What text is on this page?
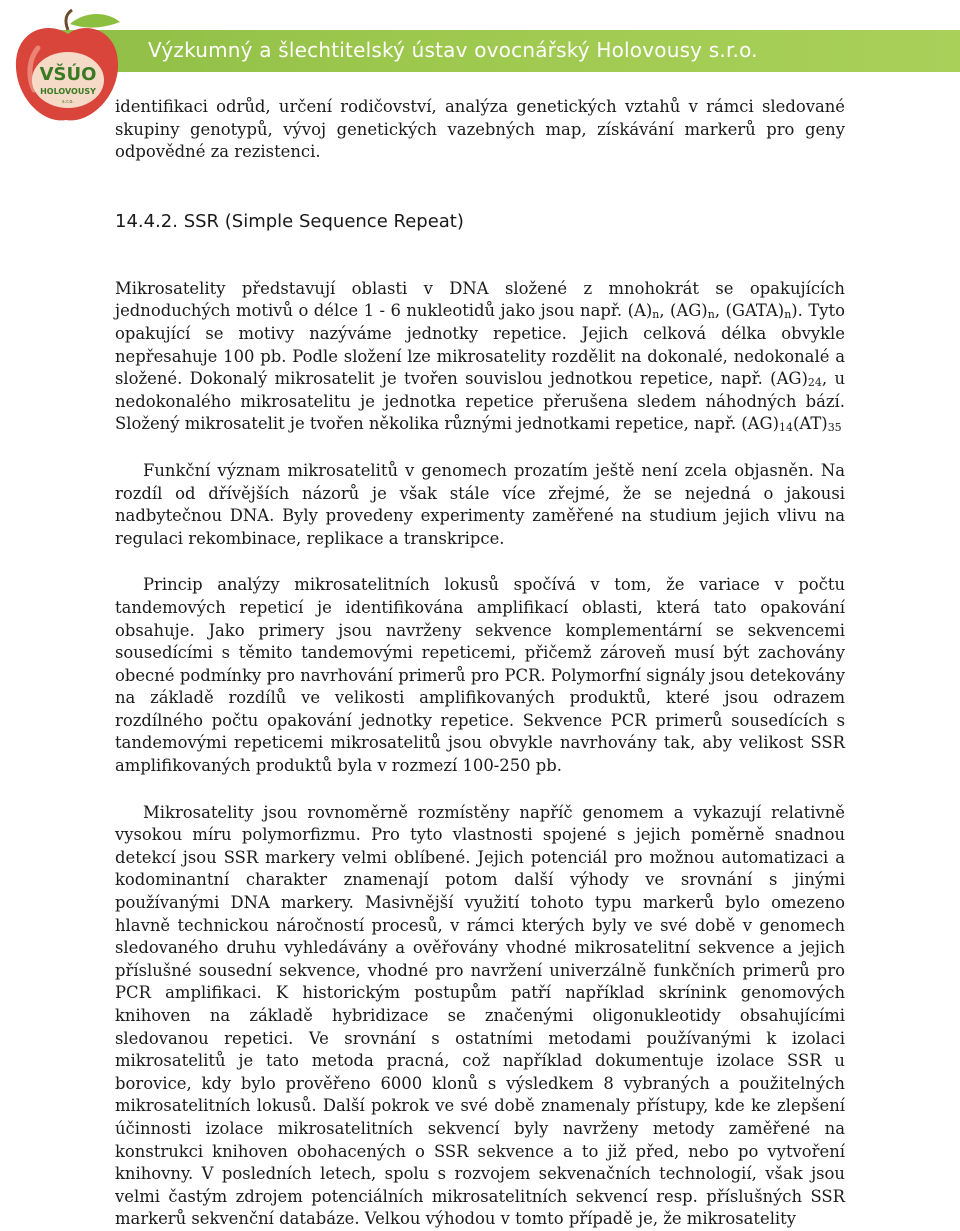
Výzkumný a šlechtitelský ústav ovocnářský Holovousy s.r.o.
VŠÚO
HOLOVOUSY
s.r.o.	identifikaci odrůd, určení rodičovství, analýza genetických vztahů v rámci sledované skupiny genotypů, vývoj genetických vazebných map, získávání markerů pro geny odpovědné za rezistenci.

14.4.2. SSR (Simple Sequence Repeat)

Mikrosatelity představují oblasti v DNA složené z mnohokrát se opakujících jednoduchých motivů o délce 1 - 6 nukleotidů jako jsou např. (A)n, (AG)n, (GATA)n). Tyto opakující se motivy nazýváme jednotky repetice. Jejich celková délka obvykle nepřesahuje 100 pb. Podle složení lze mikrosatelity rozdělit na dokonalé, nedokonalé a složené. Dokonalý mikrosatelit je tvořen souvislou jednotkou repetice, např. (AG)24, u nedokonalého mikrosatelitu je jednotka repetice přerušena sledem náhodných bází. Složený mikrosatelit je tvořen několika různými jednotkami repetice, např. (AG)14(AT)35

Funkční význam mikrosatelitů v genomech prozatím ještě není zcela objasněn. Na rozdíl od dřívějších názorů je však stále více zřejmé, že se nejedná o jakousi nadbytečnou DNA. Byly provedeny experimenty zaměřené na studium jejich vlivu na regulaci rekombinace, replikace a transkripce.

Princip analýzy mikrosatelitních lokusů spočívá v tom, že variace v počtu tandemových repeticí je identifikována amplifikací oblasti, která tato opakování obsahuje. Jako primery jsou navrženy sekvence komplementární se sekvencemi sousedícími s těmito tandemovými repeticemi, přičemž zároveň musí být zachovány obecné podmínky pro navrhování primerů pro PCR. Polymorfní signály jsou detekovány na základě rozdílů ve velikosti amplifikovaných produktů, které jsou odrazem rozdílného počtu opakování jednotky repetice. Sekvence PCR primerů sousedících s tandemovými repeticemi mikrosatelitů jsou obvykle navrhovány tak, aby velikost SSR amplifikovaných produktů byla v rozmezí 100-250 pb.

Mikrosatelity jsou rovnoměrně rozmístěny napříč genomem a vykazují relativně vysokou míru polymorfizmu. Pro tyto vlastnosti spojené s jejich poměrně snadnou detekcí jsou SSR markery velmi oblíbené. Jejich potenciál pro možnou automatizaci a kodominantní charakter znamenají potom další výhody ve srovnání s jinými používanými DNA markery. Masivnější využití tohoto typu markerů bylo omezeno hlavně technickou náročností procesů, v rámci kterých byly ve své době v genomech sledovaného druhu vyhledávány a ověřovány vhodné mikrosatelitní sekvence a jejich příslušné sousední sekvence, vhodné pro navržení univerzálně funkčních primerů pro PCR amplifikaci. K historickým postupům patří například skrínink genomových knihoven na základě hybridizace se značenými oligonukleotidy obsahujícími sledovanou repetici. Ve srovnání s ostatními metodami používanými k izolaci mikrosatelitů je tato metoda pracná, což například dokumentuje izolace SSR u borovice, kdy bylo prověřeno 6000 klonů s výsledkem 8 vybraných a použitelných mikrosatelitních lokusů. Další pokrok ve své době znamenaly přístupy, kde ke zlepšení účinnosti izolace mikrosatelitních sekvencí byly navrženy metody zaměřené na konstrukci knihoven obohacených o SSR sekvence a to již před, nebo po vytvoření knihovny. V posledních letech, spolu s rozvojem sekvenačních technologií, však jsou velmi častým zdrojem potenciálních mikrosatelitních sekvencí resp. příslušných SSR markerů sekvenční databáze. Velkou výhodou v tomto případě je, že mikrosatelity
